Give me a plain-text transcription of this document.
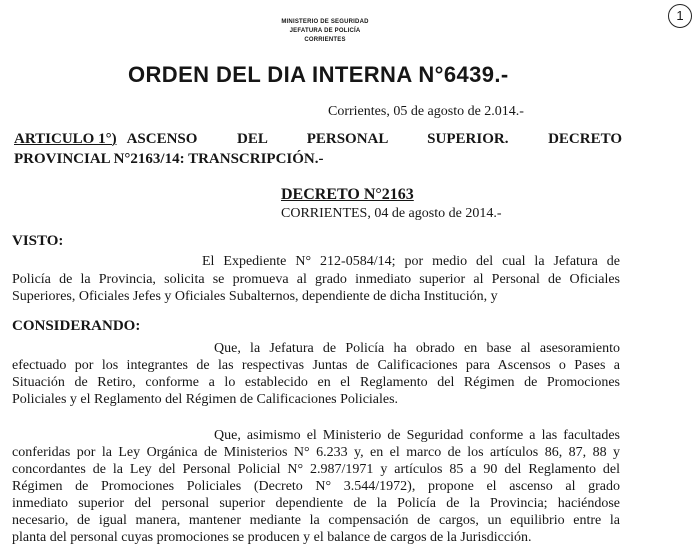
MINISTERIO DE SEGURIDAD
JEFATURA DE POLICÍA
CORRIENTES
1
ORDEN DEL DIA INTERNA N°6439.-
Corrientes, 05 de agosto de 2.014.-
ARTICULO 1°) ASCENSO DEL PERSONAL SUPERIOR. DECRETO
PROVINCIAL N°2163/14: TRANSCRIPCIÓN.-
DECRETO N°2163
CORRIENTES, 04 de agosto de 2014.-
VISTO:
El Expediente N° 212-0584/14; por medio del cual la Jefatura de
Policía de la Provincia, solicita se promueva al grado inmediato superior al Personal de Oficiales
Superiores, Oficiales Jefes y Oficiales Subalternos, dependiente de dicha Institución, y
CONSIDERANDO:
Que, la Jefatura de Policía ha obrado en base al asesoramiento
efectuado por los integrantes de las respectivas Juntas de Calificaciones para Ascensos o Pases a
Situación de Retiro, conforme a lo establecido en el Reglamento del Régimen de Promociones
Policiales y el Reglamento del Régimen de Calificaciones Policiales.
Que, asimismo el Ministerio de Seguridad conforme a las facultades
conferidas por la Ley Orgánica de Ministerios N° 6.233 y, en el marco de los artículos 86, 87, 88 y
concordantes de la Ley del Personal Policial N° 2.987/1971 y artículos 85 a 90 del Reglamento del
Régimen de Promociones Policiales (Decreto N° 3.544/1972), propone el ascenso al grado
inmediato superior del personal superior dependiente de la Policía de la Provincia; haciéndose
necesario, de igual manera, mantener mediante la compensación de cargos, un equilibrio entre la
planta del personal cuyas promociones se producen y el balance de cargos de la Jurisdicción.
